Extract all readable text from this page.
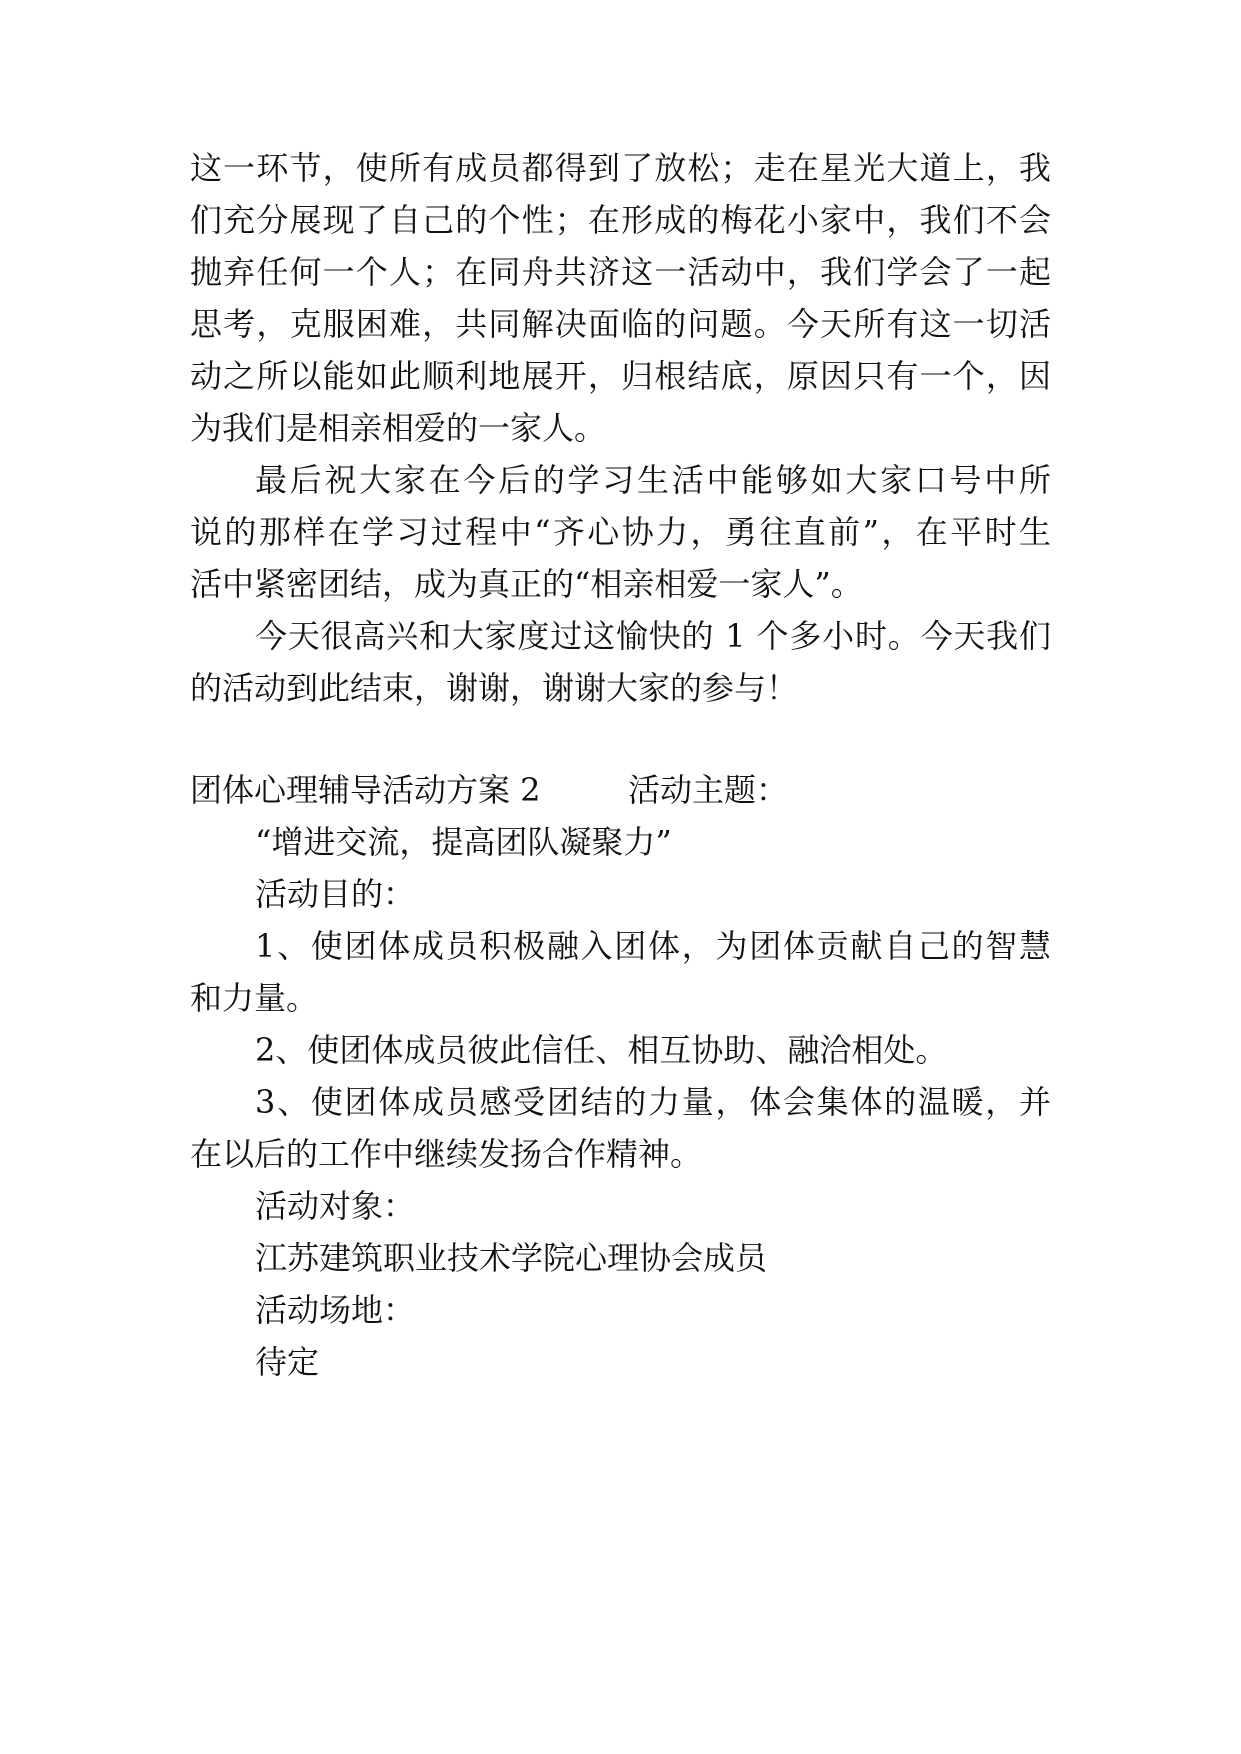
这一环节，使所有成员都得到了放松；走在星光大道上，我
们充分展现了自己的个性；在形成的梅花小家中，我们不会
抛弃任何一个人；在同舟共济这一活动中，我们学会了一起
思考，克服困难，共同解决面临的问题。今天所有这一切活
动之所以能如此顺利地展开，归根结底，原因只有一个，因
为我们是相亲相爱的一家人。
最后祝大家在今后的学习生活中能够如大家口号中所
说的那样在学习过程中“齐心协力，勇往直前”，在平时生
活中紧密团结，成为真正的“相亲相爱一家人”。
今天很高兴和大家度过这愉快的 1 个多小时。今天我们
的活动到此结束，谢谢，谢谢大家的参与！
团体心理辅导活动方案 2	活动主题：
“增进交流，提高团队凝聚力”
活动目的：
1、使团体成员积极融入团体，为团体贡献自己的智慧
和力量。
2、使团体成员彼此信任、相互协助、融洽相处。
3、使团体成员感受团结的力量，体会集体的温暖，并
在以后的工作中继续发扬合作精神。
活动对象：
江苏建筑职业技术学院心理协会成员
活动场地：
待定
